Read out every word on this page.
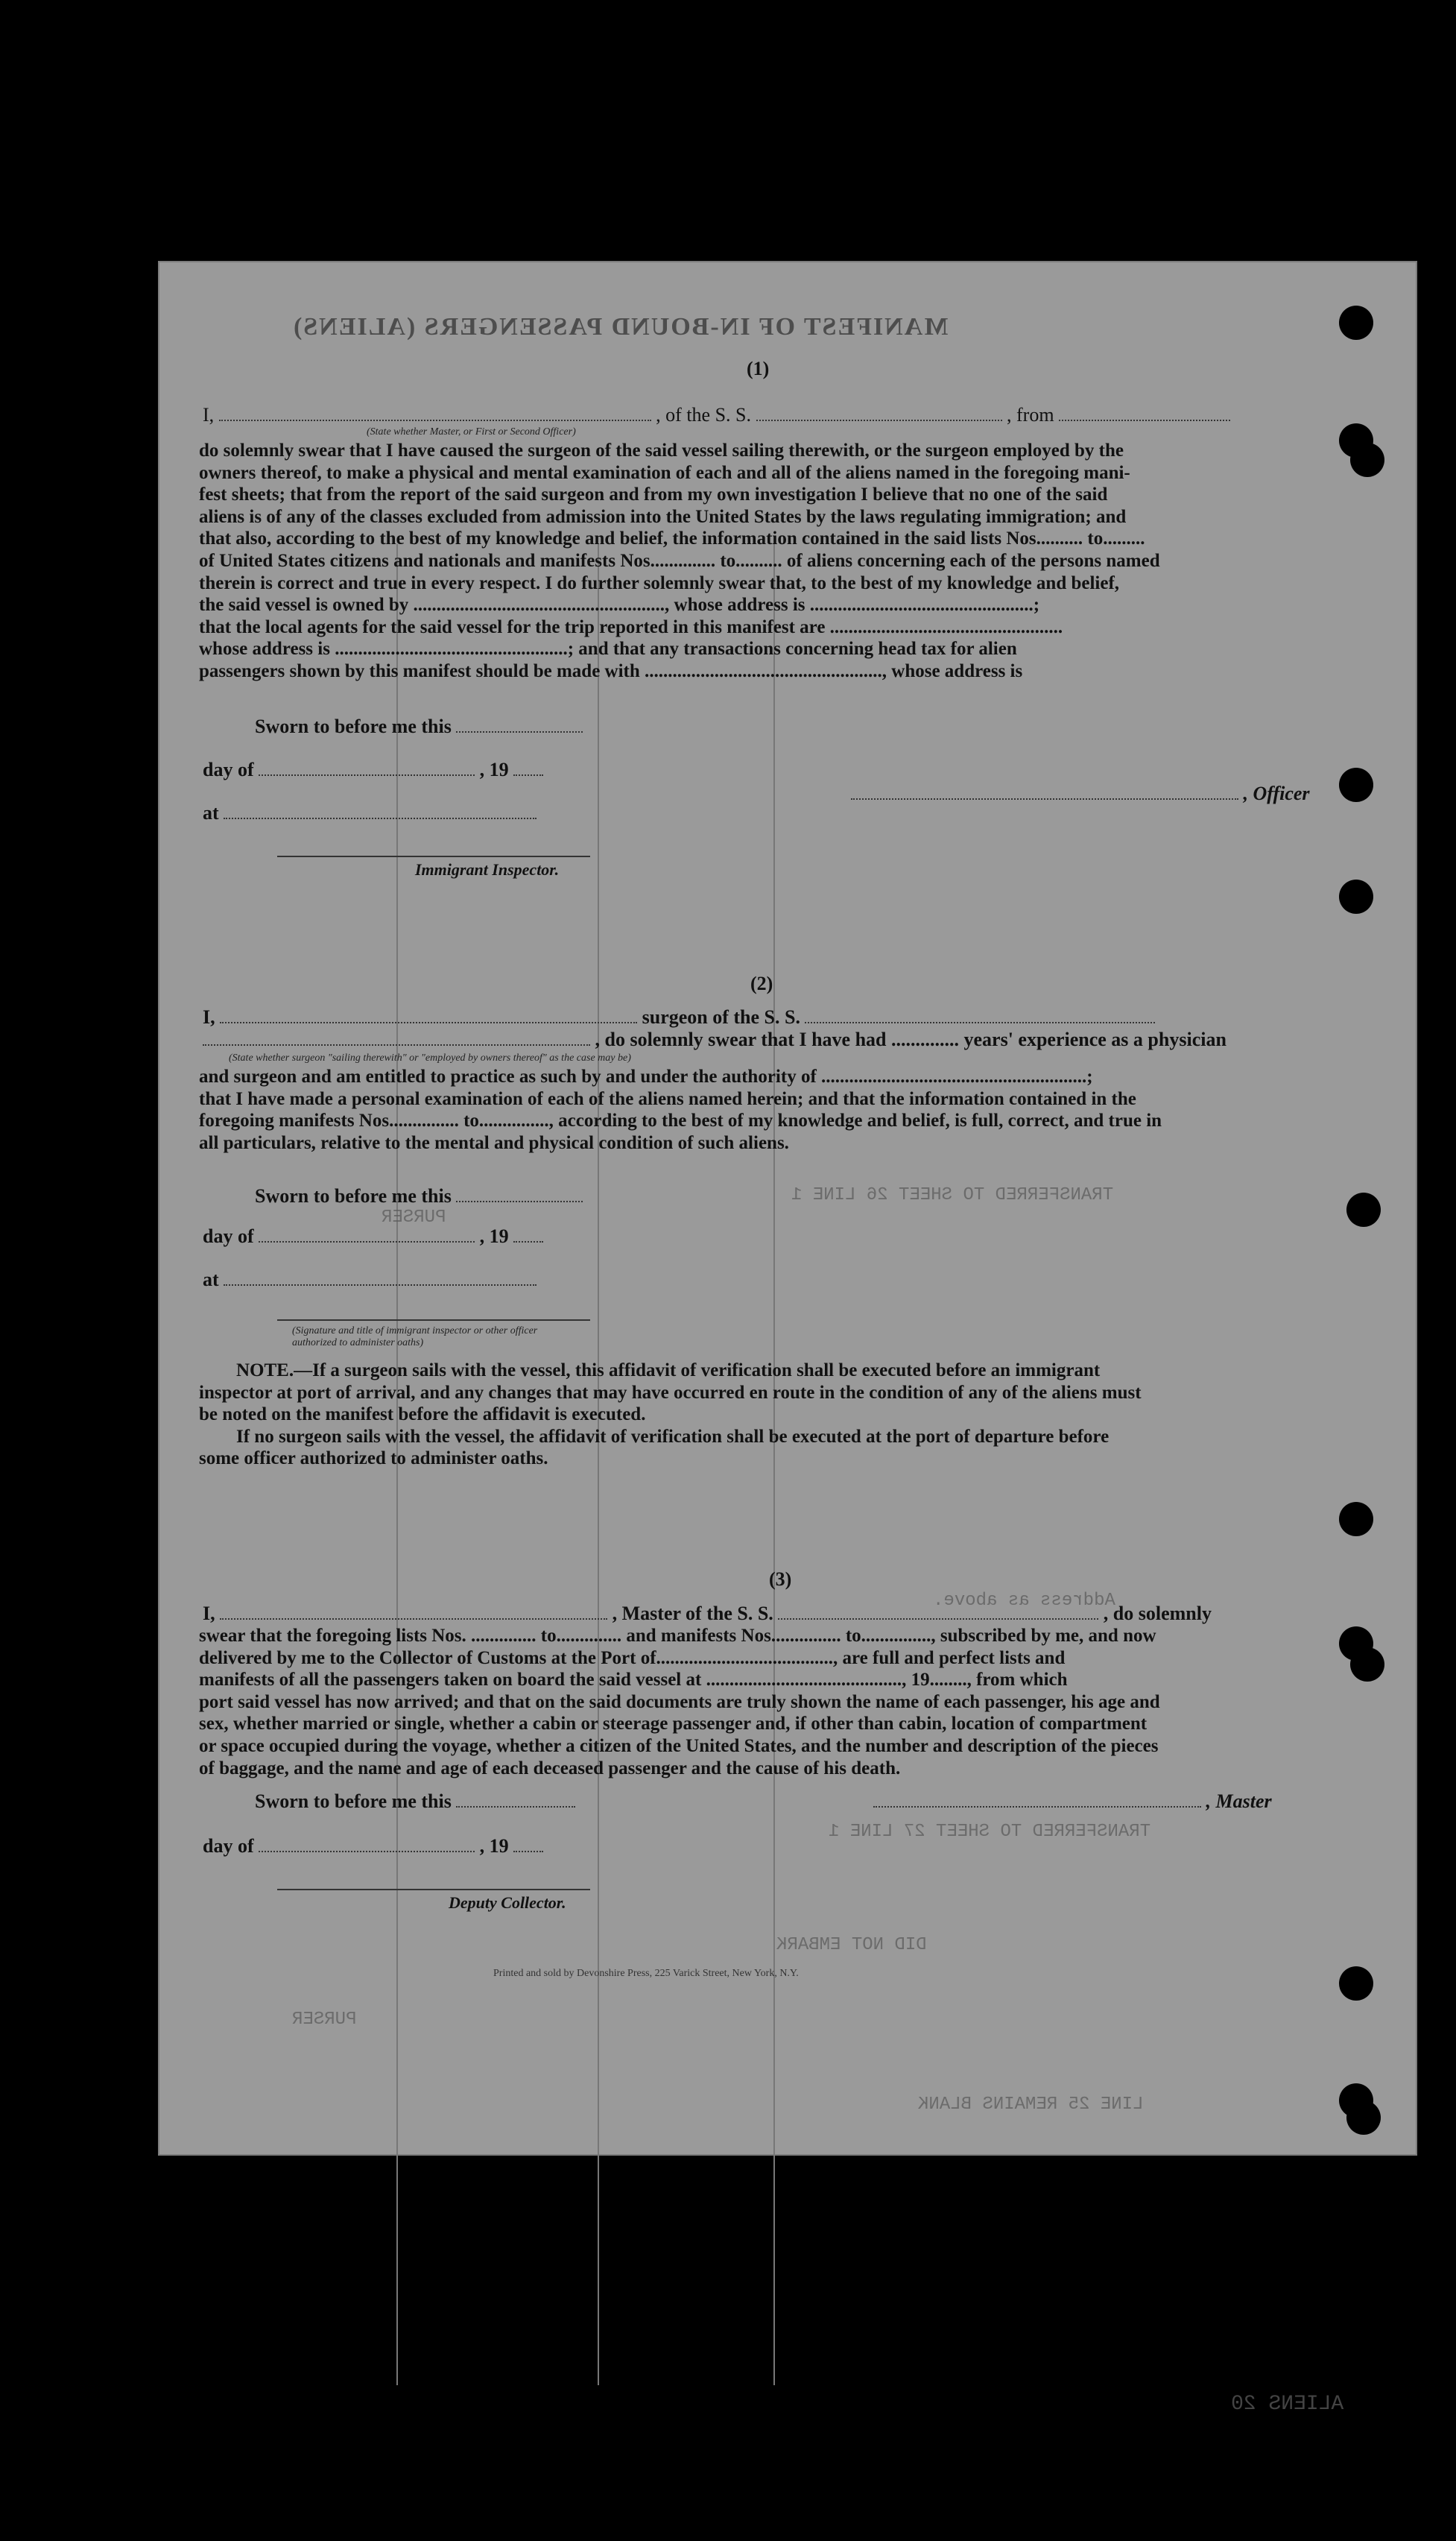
MANIFEST OF IN-BOUND PASSENGERS (ALIENS)
(1)
I,	, of the S. S.	, from
(State whether Master, or First or Second Officer)
do solemnly swear that I have caused the surgeon of the said vessel sailing therewith, or the surgeon employed by the
owners thereof, to make a physical and mental examination of each and all of the aliens named in the foregoing mani-
fest sheets; that from the report of the said surgeon and from my own investigation I believe that no one of the said
aliens is of any of the classes excluded from admission into the United States by the laws regulating immigration; and
that also, according to the best of my knowledge and belief, the information contained in the said lists Nos.......... to.........
of United States citizens and nationals and manifests Nos.............. to.......... of aliens concerning each of the persons named
therein is correct and true in every respect. I do further solemnly swear that, to the best of my knowledge and belief,
the said vessel is owned by ......................................................, whose address is ................................................;
that the local agents for the said vessel for the trip reported in this manifest are ..................................................
whose address is ..................................................; and that any transactions concerning head tax for alien
passengers shown by this manifest should be made with ..................................................., whose address is
Sworn to before me this
day of	, 19
, Officer
at
Immigrant Inspector.
(2)
I,	surgeon of the S. S.
, do solemnly swear that I have had .............. years' experience as a physician
(State whether surgeon "sailing therewith" or "employed by owners thereof" as the case may be)
and surgeon and am entitled to practice as such by and under the authority of .........................................................;
that I have made a personal examination of each of the aliens named herein; and that the information contained in the
foregoing manifests Nos............... to..............., according to the best of my knowledge and belief, is full, correct, and true in
all particulars, relative to the mental and physical condition of such aliens.
Sworn to before me this
day of	, 19
at
(Signature and title of immigrant inspector or other officer authorized to administer oaths)
NOTE.—If a surgeon sails with the vessel, this affidavit of verification shall be executed before an immigrant
inspector at port of arrival, and any changes that may have occurred en route in the condition of any of the aliens must
be noted on the manifest before the affidavit is executed.
If no surgeon sails with the vessel, the affidavit of verification shall be executed at the port of departure before
some officer authorized to administer oaths.
(3)
I,	, Master of the S. S.	, do solemnly
swear that the foregoing lists Nos. .............. to.............. and manifests Nos............... to..............., subscribed by me, and now
delivered by me to the Collector of Customs at the Port of......................................, are full and perfect lists and
manifests of all the passengers taken on board the said vessel at .........................................., 19........, from which
port said vessel has now arrived; and that on the said documents are truly shown the name of each passenger, his age and
sex, whether married or single, whether a cabin or steerage passenger and, if other than cabin, location of compartment
or space occupied during the voyage, whether a citizen of the United States, and the number and description of the pieces
of baggage, and the name and age of each deceased passenger and the cause of his death.
, Master
Sworn to before me this
day of	, 19
Deputy Collector.
Printed and sold by Devonshire Press, 225 Varick Street, New York, N.Y.
TRANSFERRED TO SHEET 26 LINE 1
PURSER
Address as above.
TRANSFERRED TO SHEET 27 LINE 1
DID NOT EMBARK
PURSER
LINE 25 REMAINS BLANK
ALIENS 20
